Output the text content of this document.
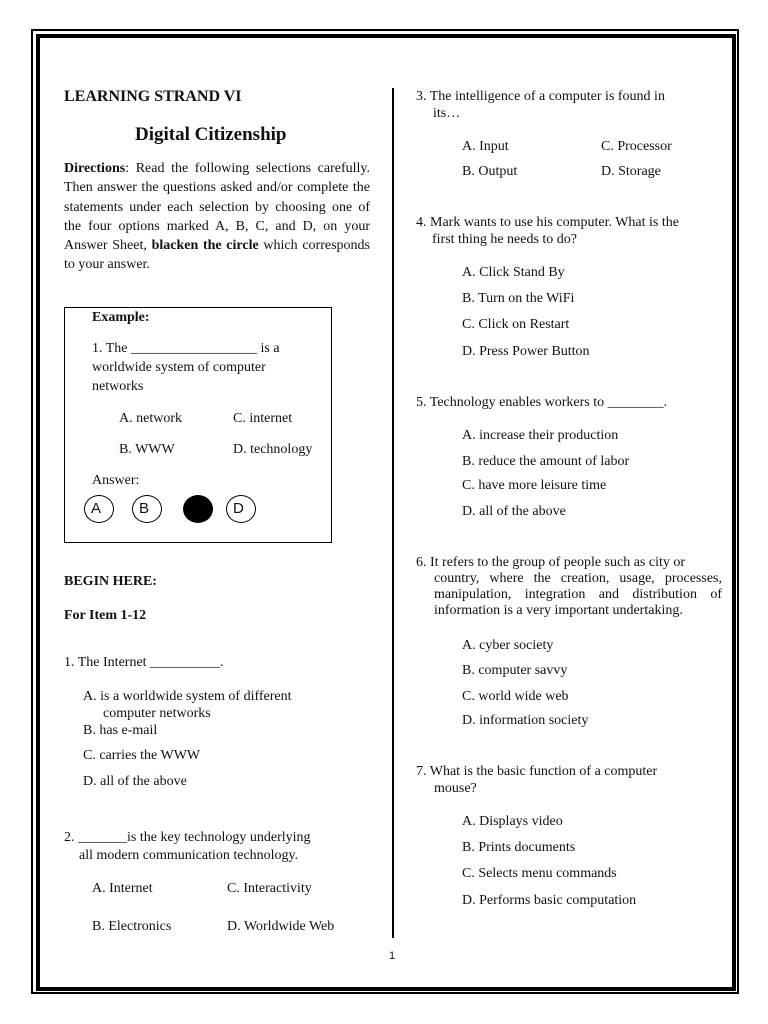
LEARNING STRAND VI
Digital Citizenship
Directions: Read the following selections carefully. Then answer the questions asked and/or complete the statements under each selection by choosing one of the four options marked A, B, C, and D, on your Answer Sheet, blacken the circle which corresponds to your answer.
Example:
1. The __________________ is a
worldwide system of computer
networks
A. network	C. internet
B. WWW	D. technology
Answer:
A	B	D
BEGIN HERE:
For Item 1-12
1. The Internet __________.
A. is a worldwide system of different
computer networks
B. has e-mail
C. carries the WWW
D. all of the above
2. _______is the key technology underlying
all modern communication technology.
A. Internet	C. Interactivity
B. Electronics	D. Worldwide Web
3. The intelligence of a computer is found in
its…
A. Input	C. Processor
B. Output	D. Storage
4. Mark wants to use his computer. What is the
first thing he needs to do?
A. Click Stand By
B. Turn on the WiFi
C. Click on Restart
D. Press Power Button
5. Technology enables workers to ________.
A. increase their production
B. reduce the amount of labor
C. have more leisure time
D. all of the above
6. It refers to the group of people such as city or
country, where the creation, usage, processes, manipulation, integration and distribution of information is a very important undertaking.
A. cyber society
B. computer savvy
C. world wide web
D. information society
7. What is the basic function of a computer
mouse?
A. Displays video
B. Prints documents
C. Selects menu commands
D. Performs basic computation
1
